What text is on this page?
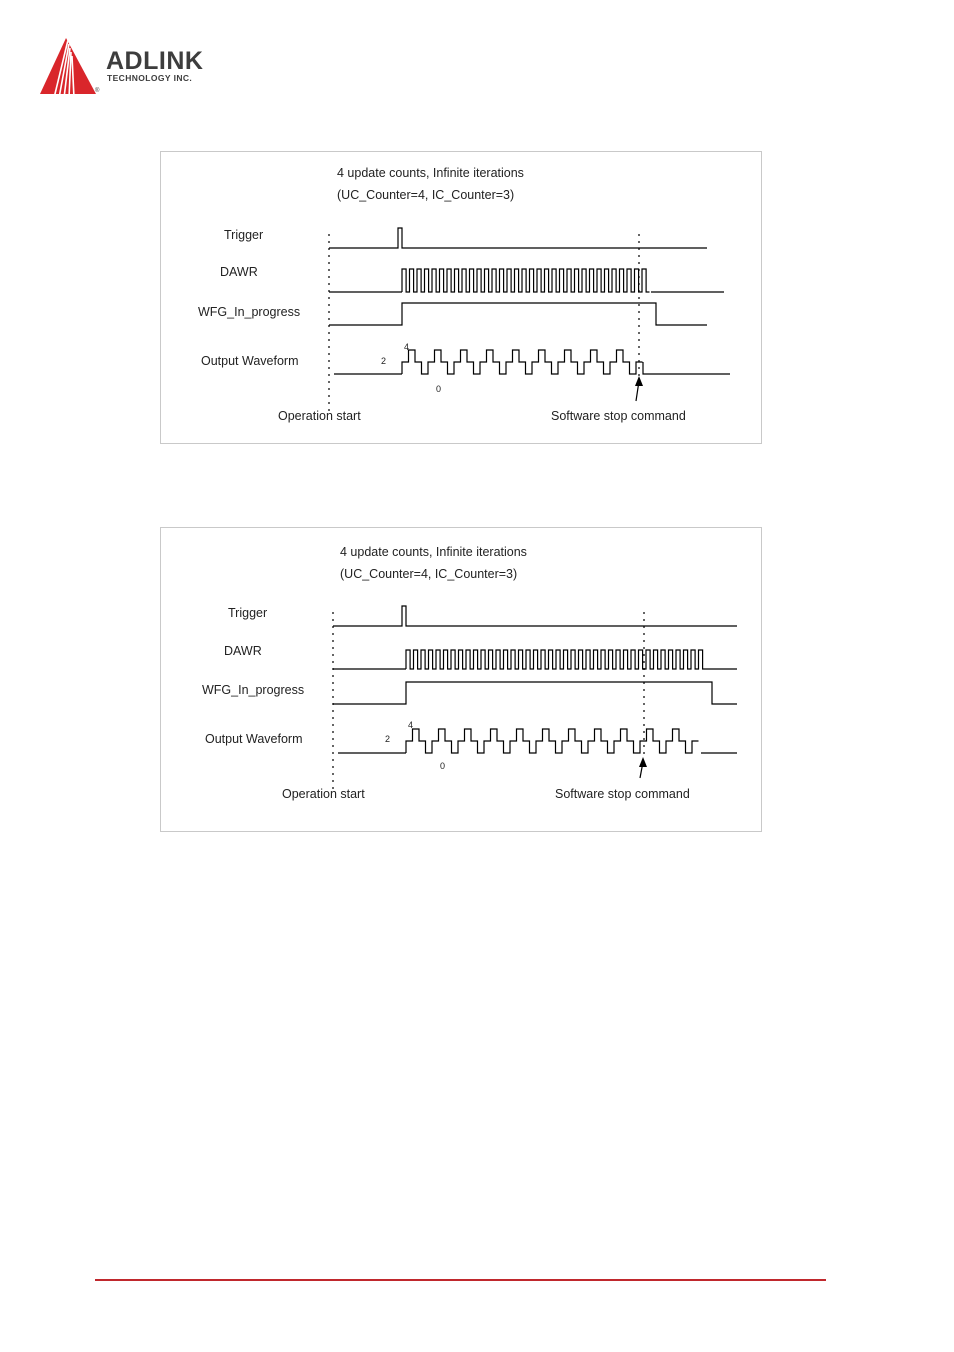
ADLINK
TECHNOLOGY INC.
®
4 update counts, Infinite iterations
(UC_Counter=4, IC_Counter=3)
Trigger
DAWR
WFG_In_progress
Output Waveform	2
4
0
Operation start	Software stop command
4 update counts, Infinite iterations
(UC_Counter=4, IC_Counter=3)
Trigger
DAWR
WFG_In_progress
Output Waveform	2
4
0
Operation start	Software stop command
